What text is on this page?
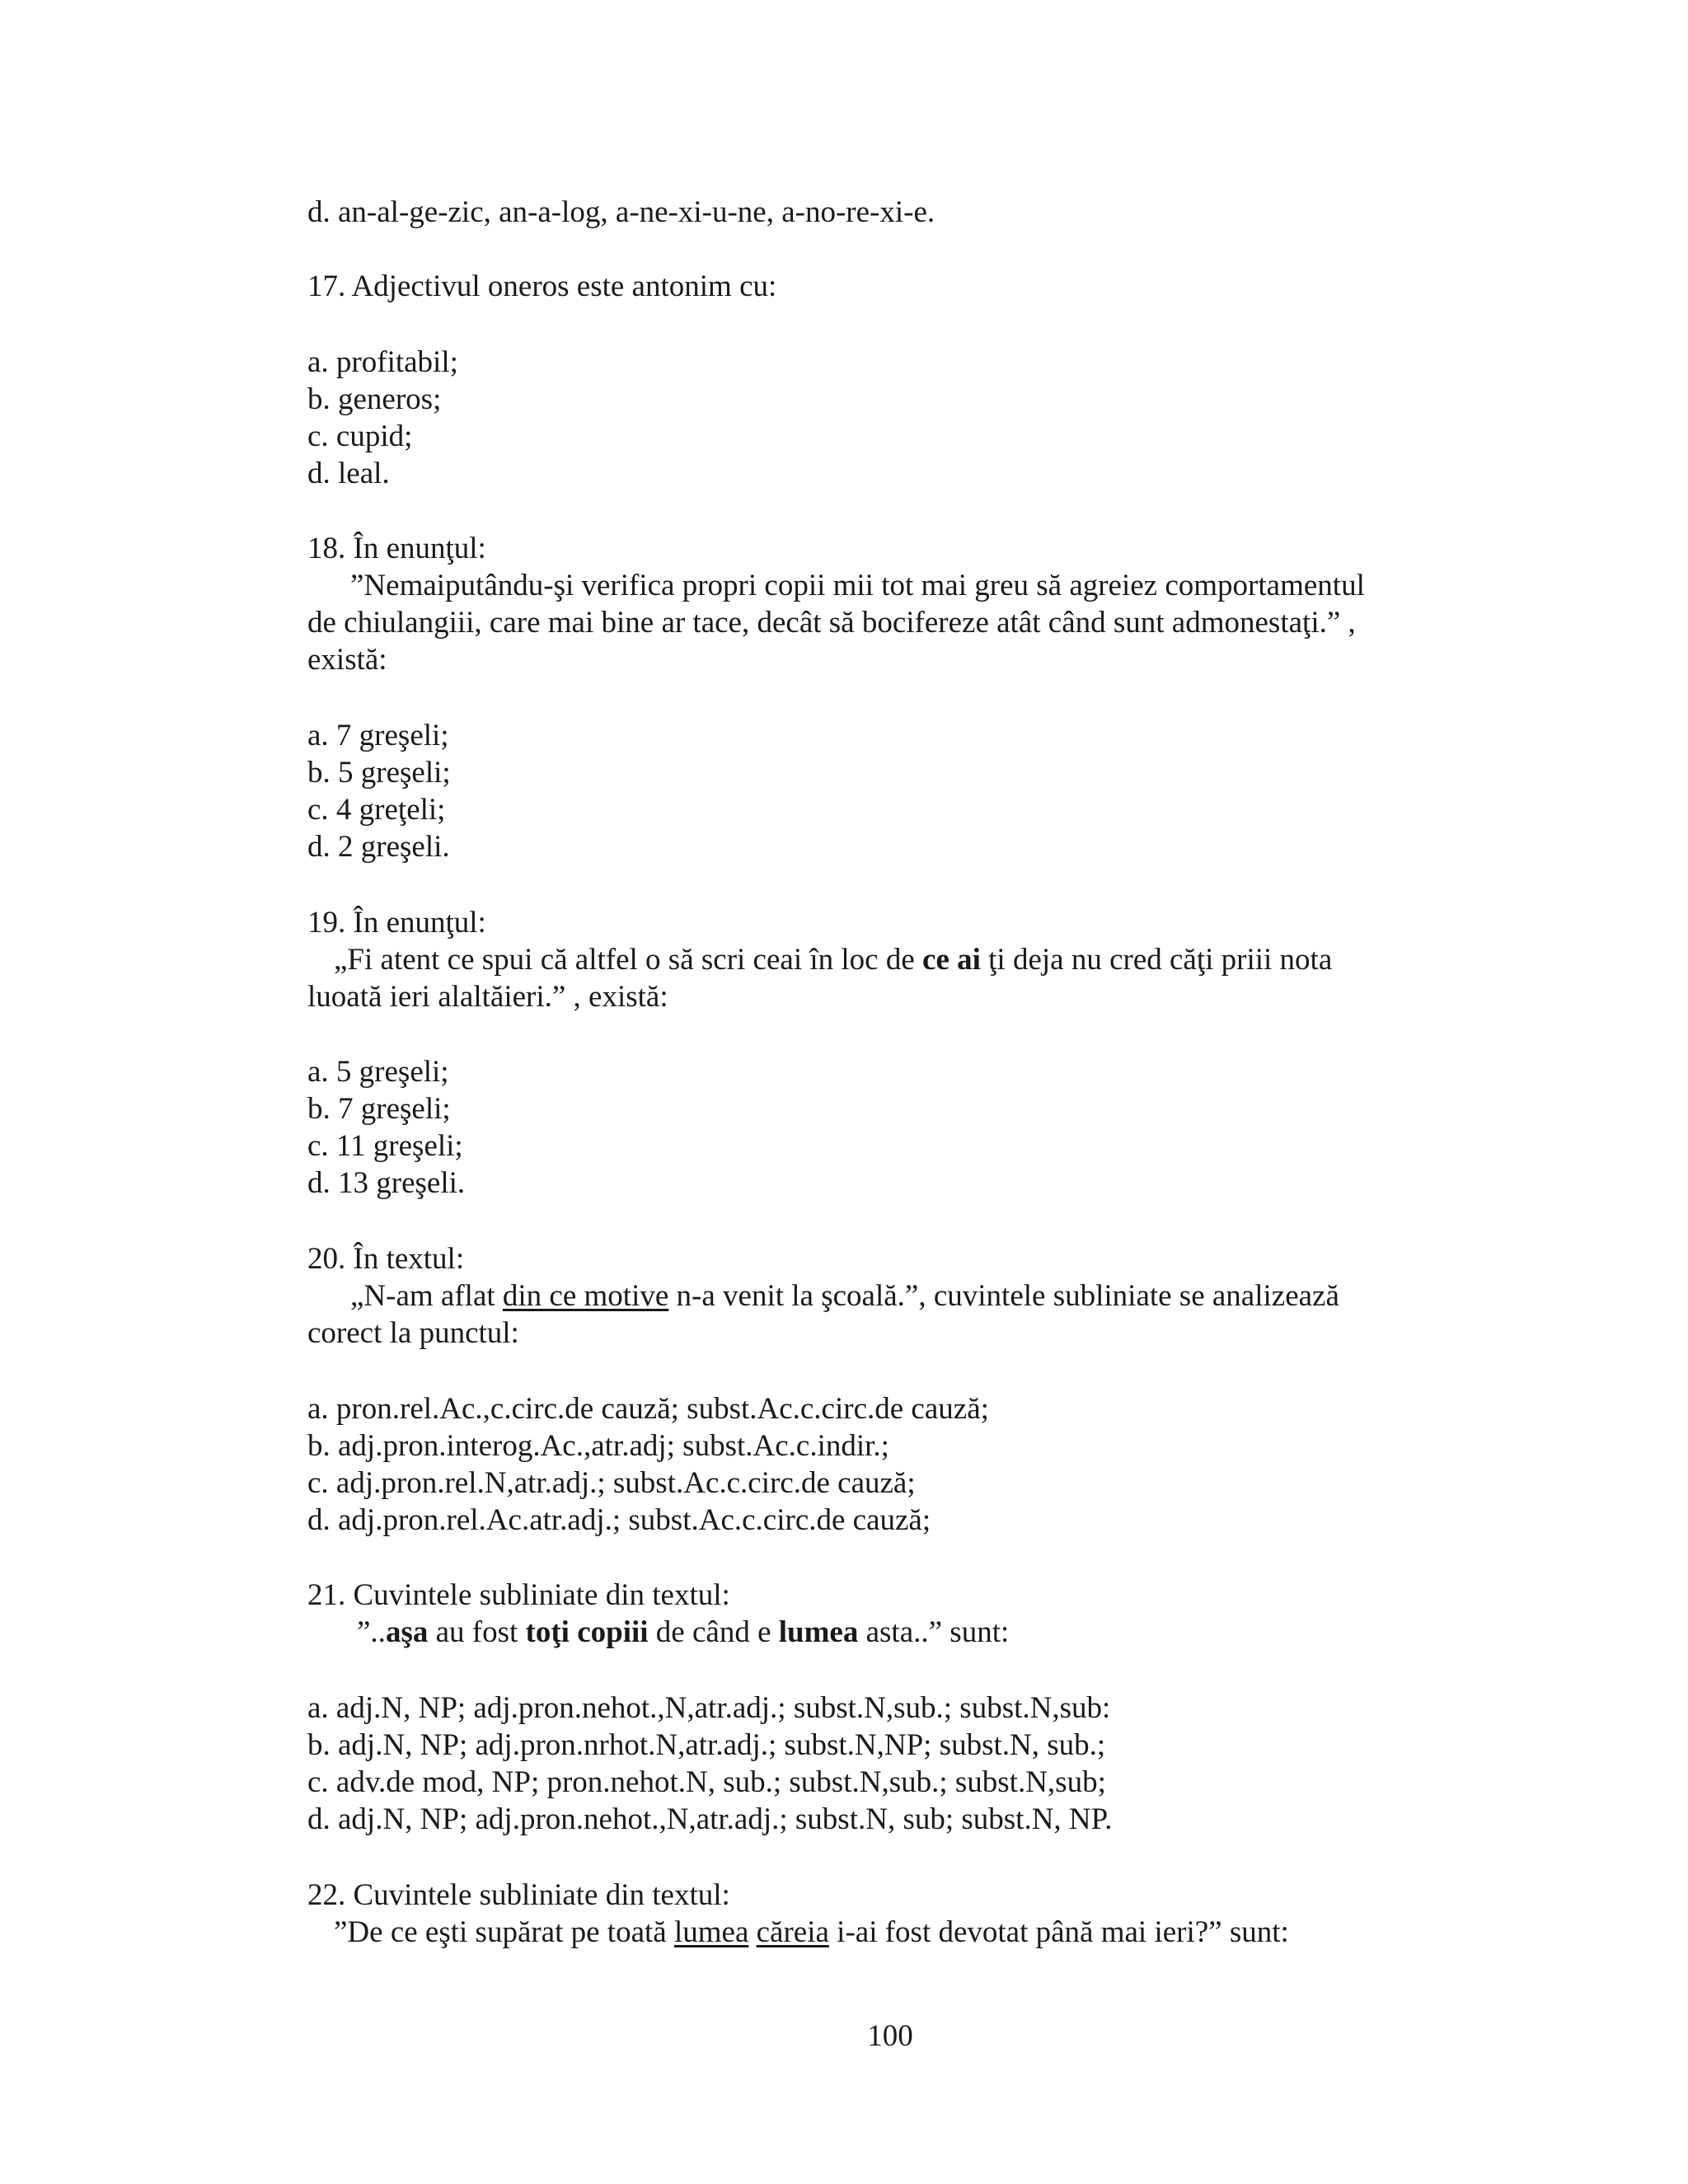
d. an-al-ge-zic, an-a-log, a-ne-xi-u-ne, a-no-re-xi-e.
17. Adjectivul oneros este antonim cu:
a. profitabil;
b. generos;
c. cupid;
d. leal.
18. În enunţul:
”Nemaiputându-şi verifica propri copii mii tot mai greu să agreiez comportamentul
de chiulangiii, care mai bine ar tace, decât să bocifereze atât când sunt admonestaţi.” ,
există:
a. 7 greşeli;
b. 5 greşeli;
c. 4 greţeli;
d. 2 greşeli.
19. În enunţul:
„Fi atent ce spui că altfel o să scri ceai în loc de ce ai ţi deja nu cred căţi priii nota
luoată ieri alaltăieri.” , există:
a. 5 greşeli;
b. 7 greşeli;
c. 11 greşeli;
d. 13 greşeli.
20. În textul:
„N-am aflat din ce motive n-a venit la şcoală.”, cuvintele subliniate se analizează
corect la punctul:
a. pron.rel.Ac.,c.circ.de cauză; subst.Ac.c.circ.de cauză;
b. adj.pron.interog.Ac.,atr.adj; subst.Ac.c.indir.;
c. adj.pron.rel.N,atr.adj.; subst.Ac.c.circ.de cauză;
d. adj.pron.rel.Ac.atr.adj.; subst.Ac.c.circ.de cauză;
21. Cuvintele subliniate din textul:
”..aşa au fost toţi copiii de când e lumea asta..” sunt:
a. adj.N, NP; adj.pron.nehot.,N,atr.adj.; subst.N,sub.; subst.N,sub:
b. adj.N, NP; adj.pron.nrhot.N,atr.adj.; subst.N,NP; subst.N, sub.;
c. adv.de mod, NP; pron.nehot.N, sub.; subst.N,sub.; subst.N,sub;
d. adj.N, NP; adj.pron.nehot.,N,atr.adj.; subst.N, sub; subst.N, NP.
22. Cuvintele subliniate din textul:
”De ce eşti supărat pe toată lumea căreia i-ai fost devotat până mai ieri?” sunt:
100
